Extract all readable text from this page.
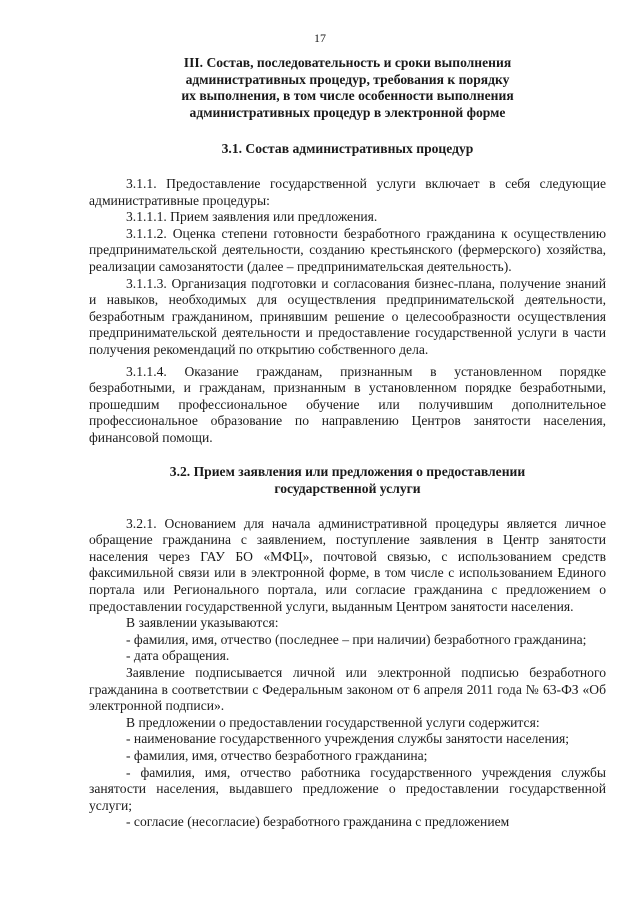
17

III. Состав, последовательность и сроки выполнения

административных процедур, требования к порядку

их выполнения, в том числе особенности выполнения

административных процедур в электронной форме

3.1. Состав административных процедур

3.1.1. Предоставление государственной услуги включает в себя следующие административные процедуры:

3.1.1.1. Прием заявления или предложения.

3.1.1.2. Оценка степени готовности безработного гражданина к осуществлению предпринимательской деятельности, созданию крестьянского (фермерского) хозяйства, реализации самозанятости (далее – предпринимательская деятельность).

3.1.1.3. Организация подготовки и согласования бизнес-плана, получение знаний и навыков, необходимых для осуществления предпринимательской деятельности, безработным гражданином, принявшим решение о целесообразности осуществления предпринимательской деятельности и предоставление государственной услуги в части получения рекомендаций по открытию собственного дела.

3.1.1.4. Оказание гражданам, признанным в установленном порядке безработными, и гражданам, признанным в установленном порядке безработными, прошедшим профессиональное обучение или получившим дополнительное профессиональное образование по направлению Центров занятости населения, финансовой помощи.

3.2. Прием заявления или предложения о предоставлении

государственной услуги

3.2.1. Основанием для начала административной процедуры является личное обращение гражданина с заявлением, поступление заявления в Центр занятости населения через ГАУ БО «МФЦ», почтовой связью, с использованием средств факсимильной связи или в электронной форме, в том числе с использованием Единого портала или Регионального портала, или согласие гражданина с предложением о предоставлении государственной услуги, выданным Центром занятости населения.

В заявлении указываются:

- фамилия, имя, отчество (последнее – при наличии) безработного гражданина;

- дата обращения.

Заявление подписывается личной или электронной подписью безработного гражданина в соответствии с Федеральным законом от 6 апреля 2011 года № 63-ФЗ «Об электронной подписи».

В предложении о предоставлении государственной услуги содержится:

- наименование государственного учреждения службы занятости населения;

- фамилия, имя, отчество безработного гражданина;

- фамилия, имя, отчество работника государственного учреждения службы занятости населения, выдавшего предложение о предоставлении государственной услуги;

- согласие (несогласие) безработного гражданина с предложением
